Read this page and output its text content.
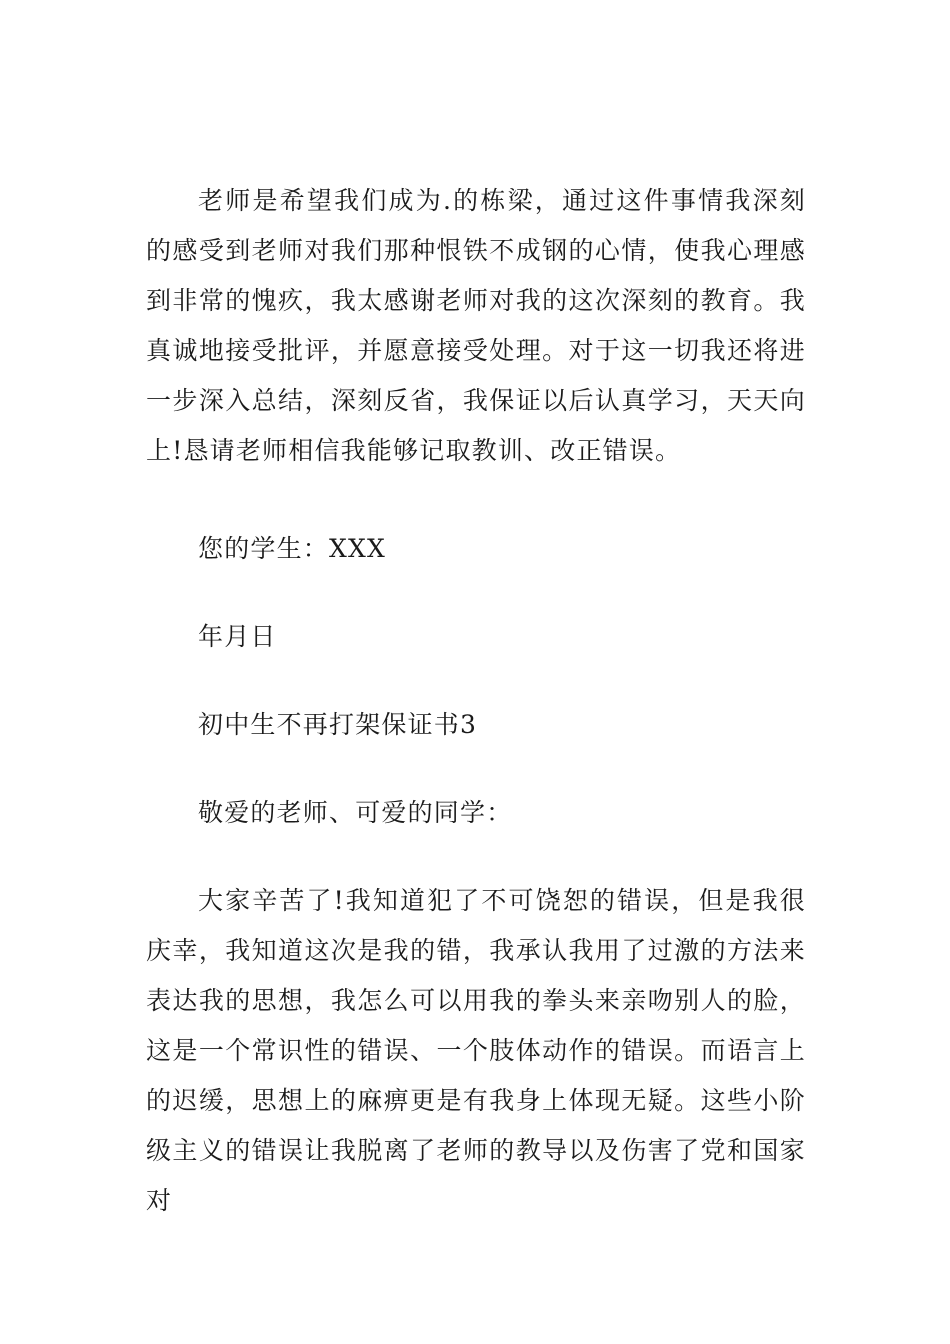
老师是希望我们成为.的栋梁，通过这件事情我深刻的感受到老师对我们那种恨铁不成钢的心情，使我心理感到非常的愧疚，我太感谢老师对我的这次深刻的教育。我真诚地接受批评，并愿意接受处理。对于这一切我还将进一步深入总结，深刻反省，我保证以后认真学习，天天向上!恳请老师相信我能够记取教训、改正错误。

您的学生：XXX

年月日

初中生不再打架保证书3

敬爱的老师、可爱的同学：

大家辛苦了!我知道犯了不可饶恕的错误，但是我很庆幸，我知道这次是我的错，我承认我用了过激的方法来表达我的思想，我怎么可以用我的拳头来亲吻别人的脸，这是一个常识性的错误、一个肢体动作的错误。而语言上的迟缓，思想上的麻痹更是有我身上体现无疑。这些小阶级主义的错误让我脱离了老师的教导以及伤害了党和国家对
